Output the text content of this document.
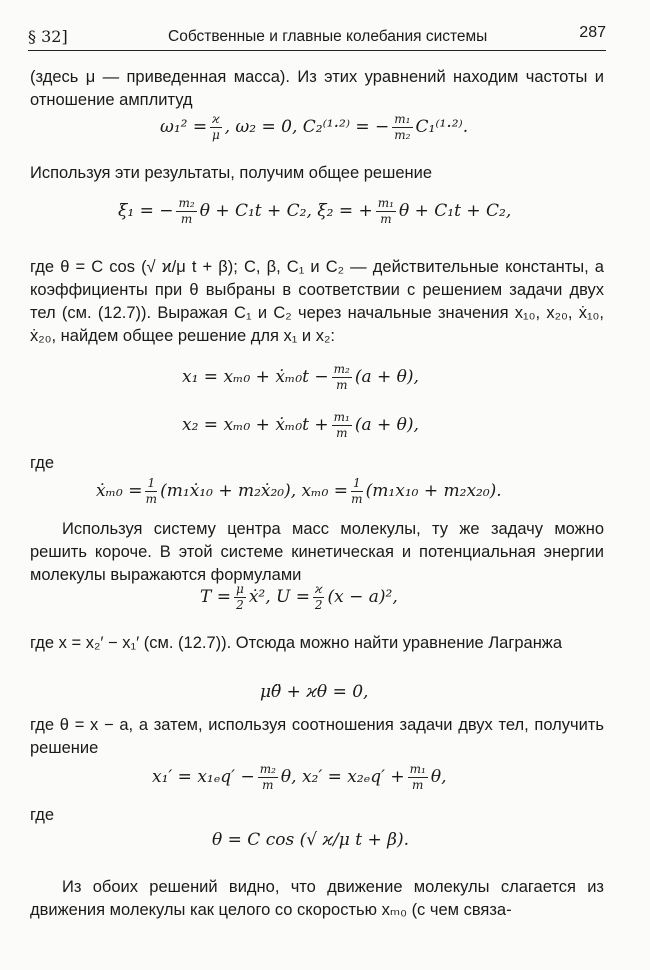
§ 32]	Собственные и главные колебания системы	287
(здесь μ — приведенная масса). Из этих уравнений находим частоты и отношение амплитуд
$\omega_1^2 = \frac{ϰ}{\mu}$ , ω₂ = 0, C₂⁽¹·²⁾ = − $\frac{\text{m₁}}{\text{m₂}} C_1^{(1}\cdot^{2)}$.
Используя эти результаты, получим общее решение
ξ₁ = − $\frac{\text{m₂}}{m}$ θ + C₁t + C₂, ξ₂ = + $\frac{\text{m₁}}{m}$ θ + C₁t + C₂,
где θ = C cos (√ ϰ/μ t + β); C, β, C₁ и C₂ — действительные константы, а коэффициенты при θ выбраны в соответствии с решением задачи двух тел (см. (12.7)). Выражая C₁ и C₂ через начальные значения x₁₀, x₂₀, ẋ₁₀, ẋ₂₀, найдем общее решение для x₁ и x₂:
x₁ = xₘ₀ + ẋₘ₀t − $\frac{\text{m₂}}{m} (a + \theta)$,
x₂ = xₘ₀ + ẋₘ₀t + $\frac{\text{m₁}}{m} (a + \theta)$,
где
ẋₘ₀ = $\frac{1}{m}$ (m₁ẋ₁₀ + m₂ẋ₂₀), $x_{m0} = \frac{1}{m} (m_1x_{10} + m_2x_{20})$.
Используя систему центра масс молекулы, ту же задачу можно решить короче. В этой системе кинетическая и потенциальная энергии молекулы выражаются формулами
$T = \frac{\mu}{2}$ ẋ², $U = \frac{ϰ}{2} (x - a)^2$,
где x = x₂′ − x₁′ (см. (12.7)). Отсюда можно найти уравнение Лагранжа
μθ̈ + ϰθ = 0,
где θ = x − a, а затем, используя соотношения задачи двух тел, получить решение
$x_1' = x_{1e}q' - \frac{\text{m₂}}{m} \theta$, $x_2' = x_{2e}q' + \frac{\text{m₁}}{m} \theta$,
где
θ = C cos (√ ϰ/μ t + β).
Из обоих решений видно, что движение молекулы слагается из движения молекулы как целого со скоростью xₘ₀ (с чем связа-
